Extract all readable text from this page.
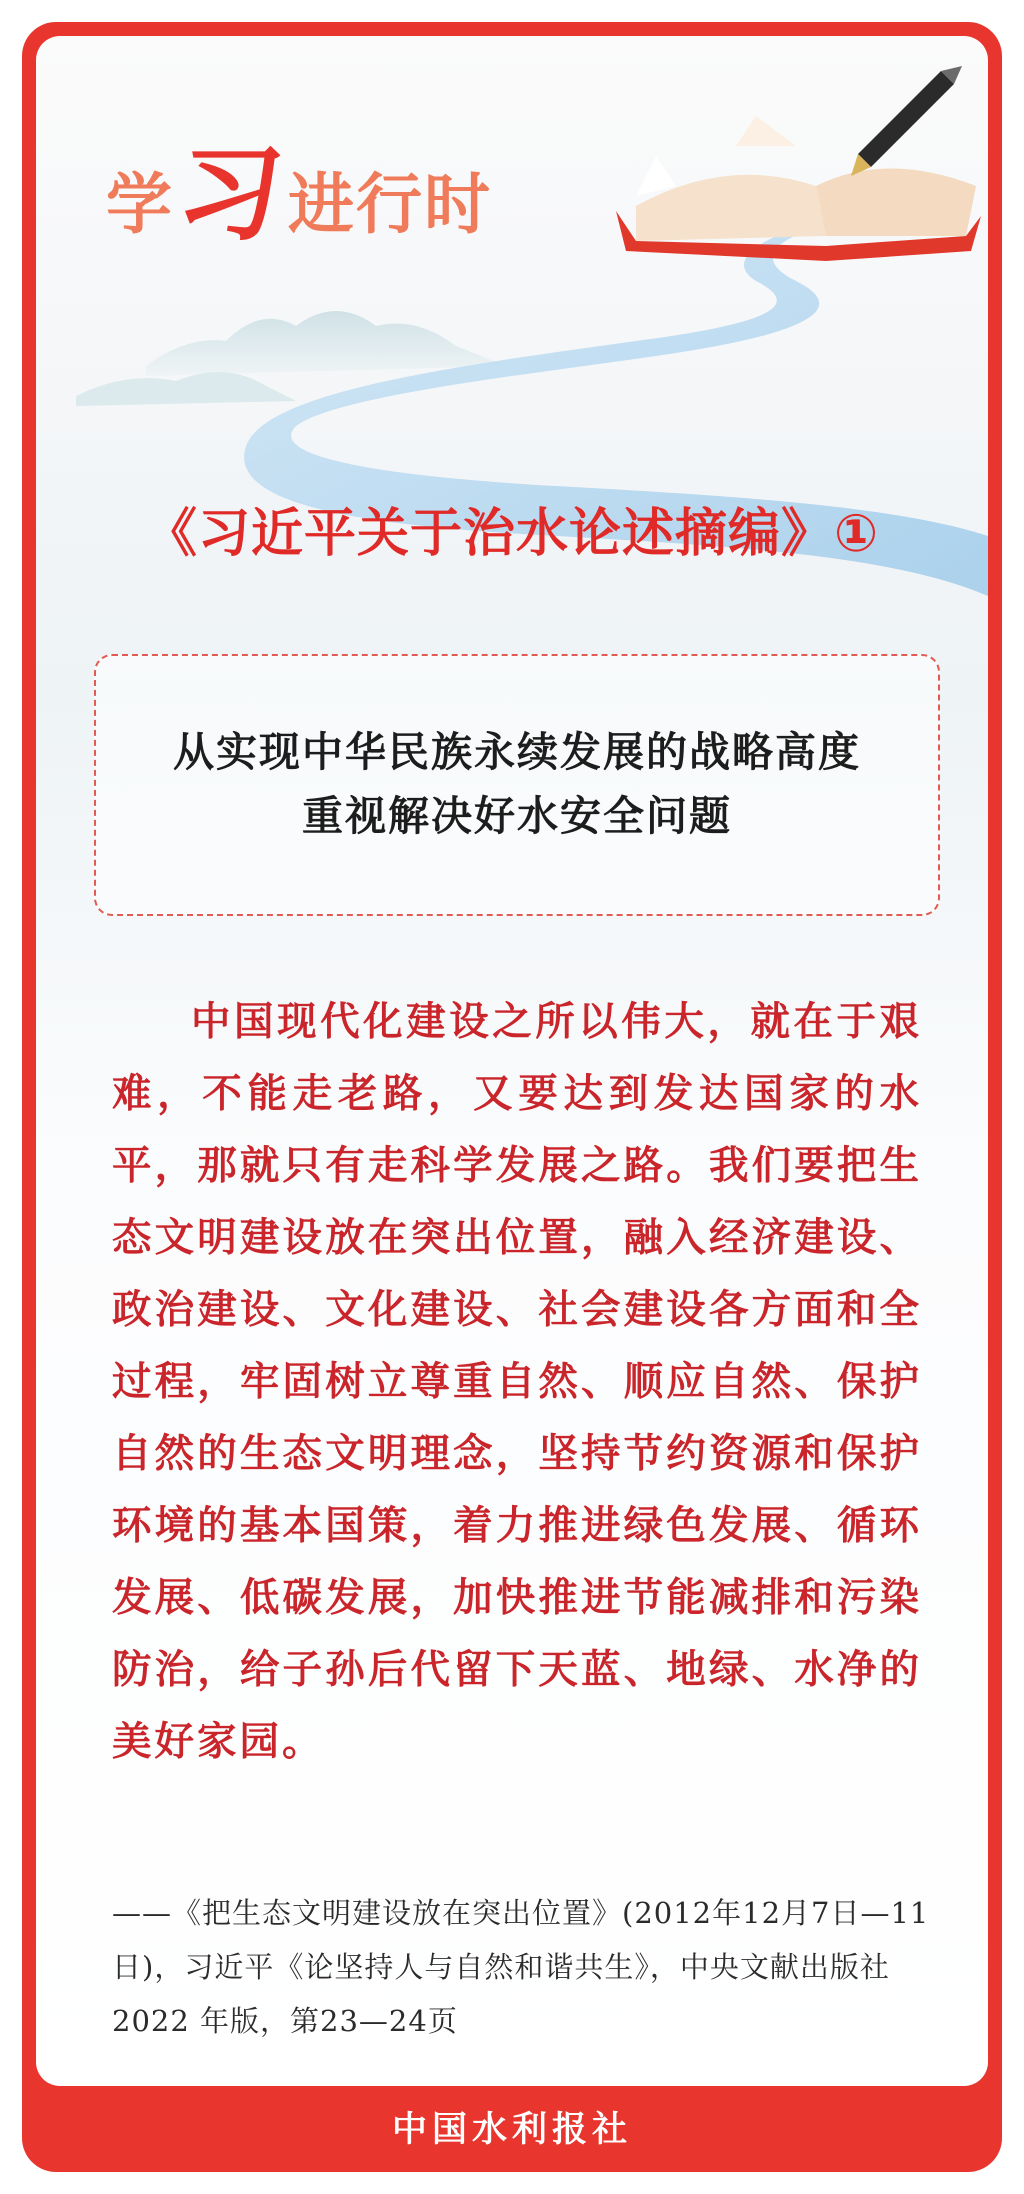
学
习
进行时
《习近平关于治水论述摘编》①
从实现中华民族永续发展的战略高度
重视解决好水安全问题
中国现代化建设之所以伟大，就在于艰难，不能走老路，又要达到发达国家的水平，那就只有走科学发展之路。我们要把生态文明建设放在突出位置，融入经济建设、政治建设、文化建设、社会建设各方面和全过程，牢固树立尊重自然、顺应自然、保护自然的生态文明理念，坚持节约资源和保护环境的基本国策，着力推进绿色发展、循环发展、低碳发展，加快推进节能减排和污染防治，给子孙后代留下天蓝、地绿、水净的美好家园。
——《把生态文明建设放在突出位置》(2012年12月7日—11日)，习近平《论坚持人与自然和谐共生》，中央文献出版社 2022 年版，第23—24页
中国水利报社
